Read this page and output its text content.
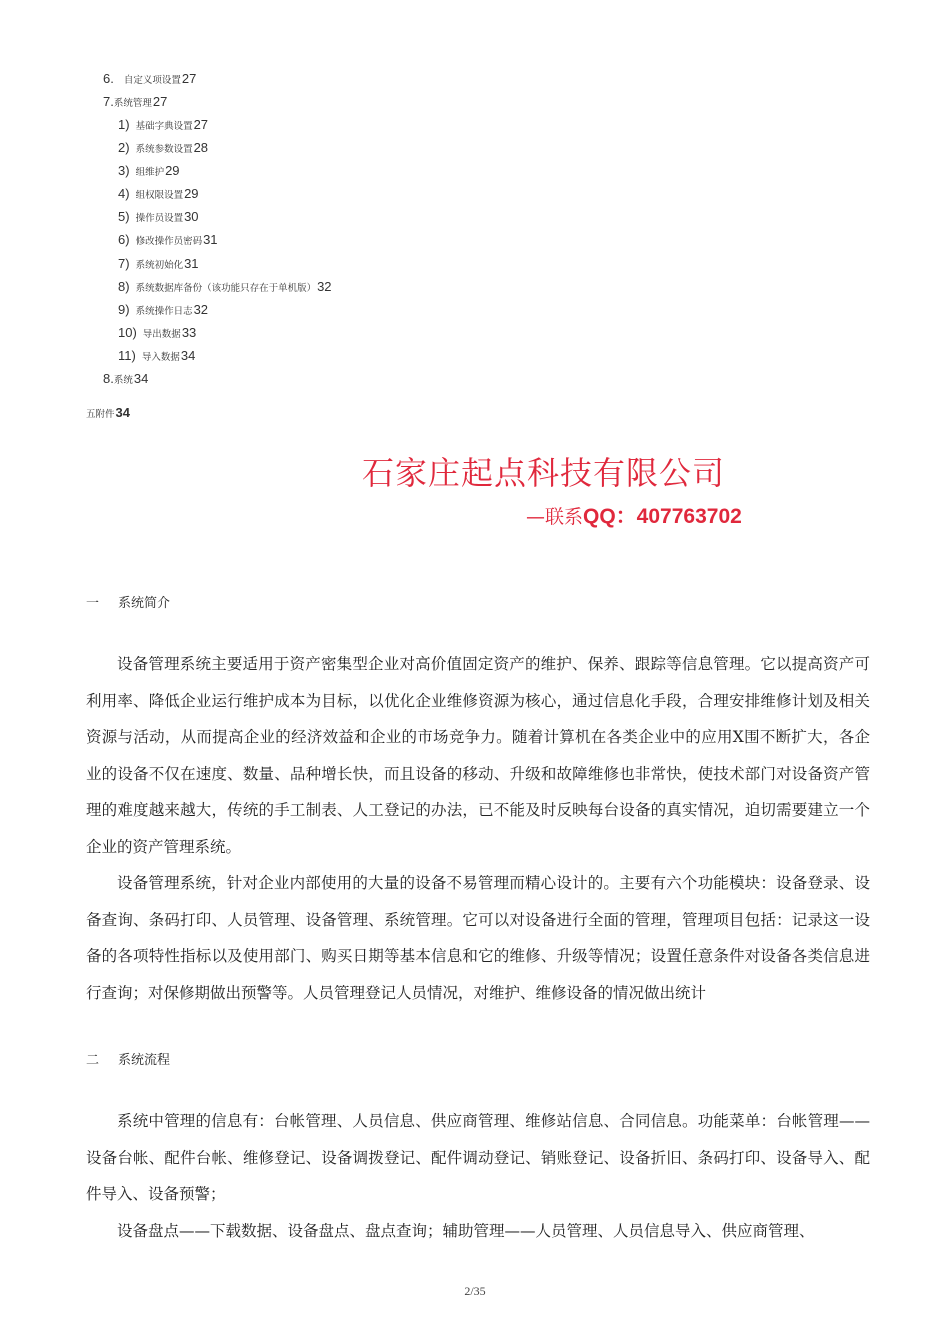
6. 自定义项设置 27
7. 系统管理 27
1) 基础字典设置 27
2) 系统参数设置 28
3) 组维护 29
4) 组权限设置 29
5) 操作员设置 30
6) 修改操作员密码 31
7) 系统初始化 31
8) 系统数据库备份（该功能只存在于单机版） 32
9) 系统操作日志 32
10) 导出数据 33
11) 导入数据 34
8. 系统 34
五附件 34
石家庄起点科技有限公司
—联系QQ：407763702
一 系统简介

设备管理系统主要适用于资产密集型企业对高价值固定资产的维护、保养、跟踪等信息管理。它以提高资产可利用率、降低企业运行维护成本为目标，以优化企业维修资源为核心，通过信息化手段，合理安排维修计划及相关资源与活动，从而提高企业的经济效益和企业的市场竞争力。随着计算机在各类企业中的应用X围不断扩大，各企业的设备不仅在速度、数量、品种增长快，而且设备的移动、升级和故障维修也非常快，使技术部门对设备资产管理的难度越来越大，传统的手工制表、人工登记的办法，已不能及时反映每台设备的真实情况，迫切需要建立一个企业的资产管理系统。

设备管理系统，针对企业内部使用的大量的设备不易管理而精心设计的。主要有六个功能模块：设备登录、设备查询、条码打印、人员管理、设备管理、系统管理。它可以对设备进行全面的管理，管理项目包括：记录这一设备的各项特性指标以及使用部门、购买日期等基本信息和它的维修、升级等情况；设置任意条件对设备各类信息进行查询；对保修期做出预警等。人员管理登记人员情况，对维护、维修设备的情况做出统计

二 系统流程

系统中管理的信息有：台帐管理、人员信息、供应商管理、维修站信息、合同信息。功能菜单：台帐管理——设备台帐、配件台帐、维修登记、设备调拨登记、配件调动登记、销账登记、设备折旧、条码打印、设备导入、配件导入、设备预警；

设备盘点——下载数据、设备盘点、盘点查询；辅助管理——人员管理、人员信息导入、供应商管理、

2/35
